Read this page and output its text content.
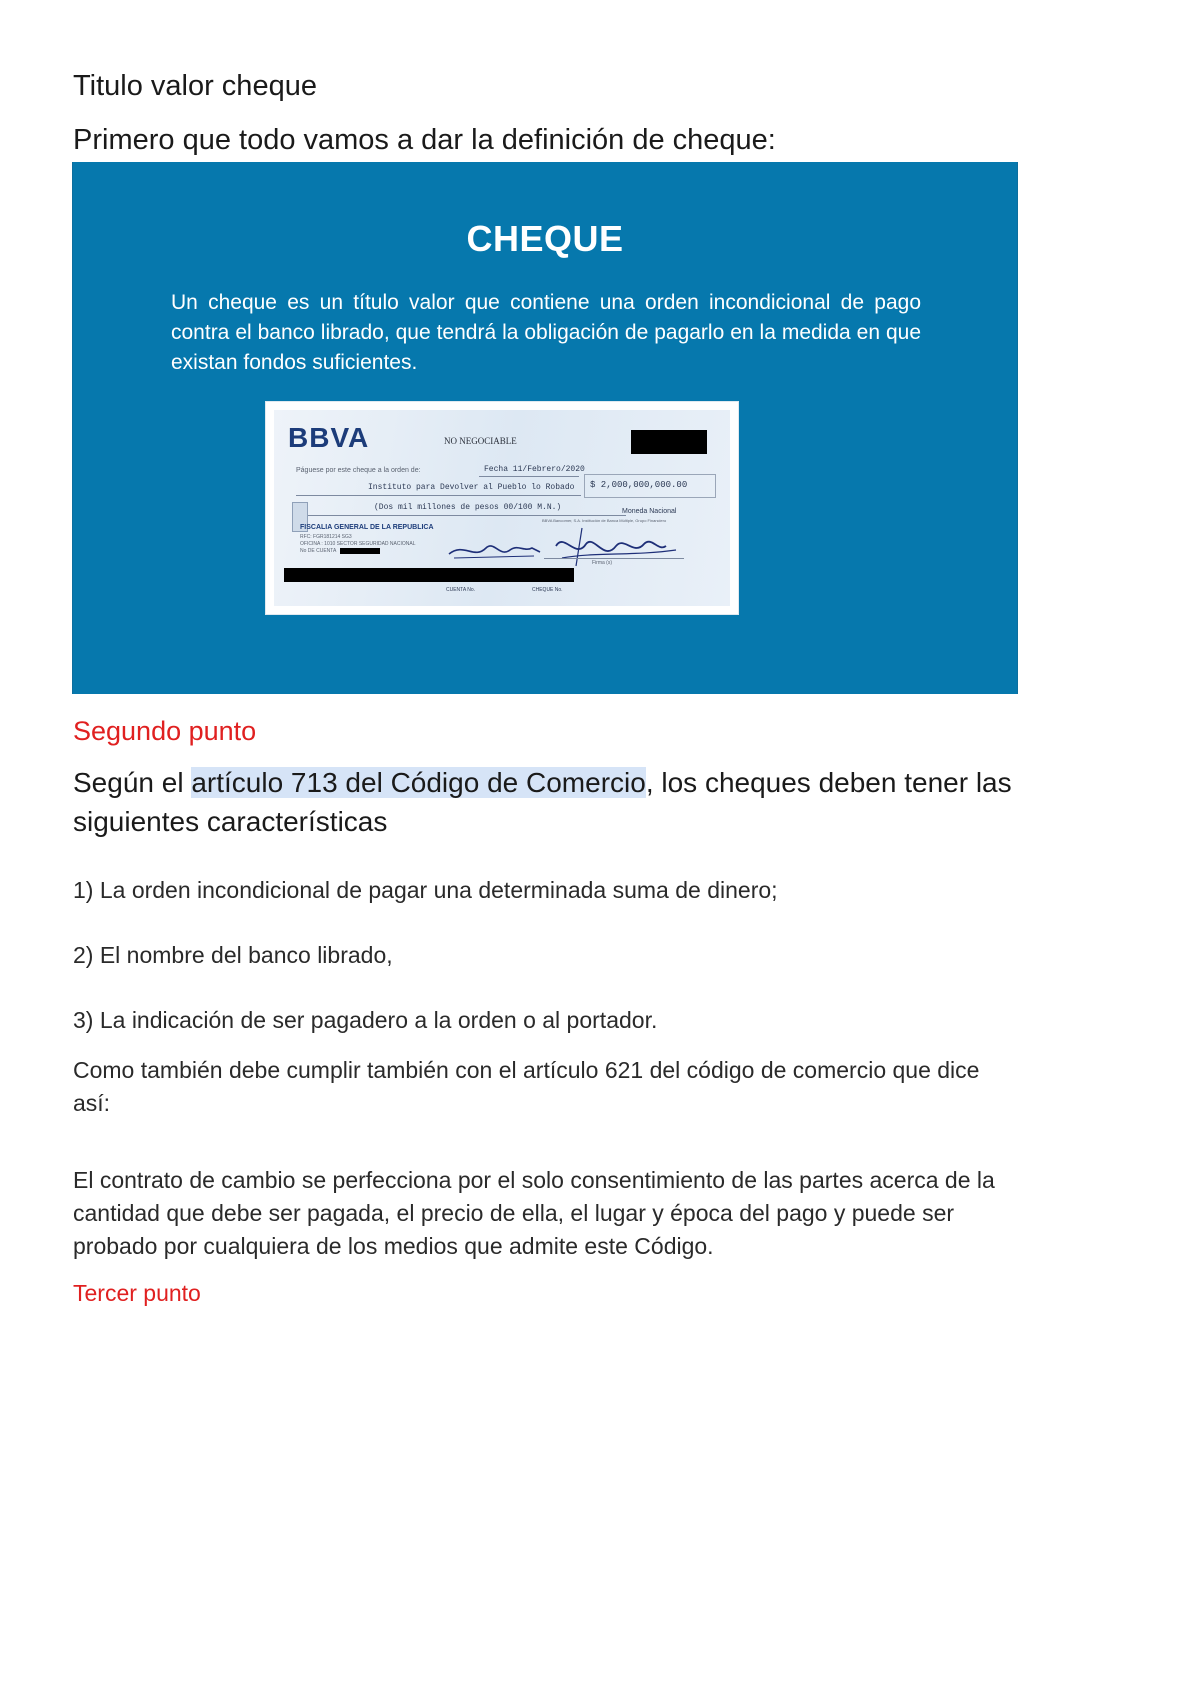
Titulo valor cheque
Primero que todo vamos a dar la definición de cheque:
CHEQUE
Un cheque es un título valor que contiene una orden incondicional de pago contra el banco librado, que tendrá la obligación de pagarlo en la medida en que existan fondos suficientes.
BBVA	NO NEGOCIABLE
Páguese por este cheque a la orden de:	Fecha 11/Febrero/2020
Instituto para Devolver al Pueblo lo Robado $ 2,000,000,000.00
(Dos mil millones de pesos 00/100 M.N.)	Moneda Nacional
FISCALIA GENERAL DE LA REPUBLICA
RFC: FGR181214 SG3
OFICINA : 1010 SECTOR SEGURIDAD NACIONAL
No DE CUENTA
BBVA Bancomer, S.A. Institución de Banca Múltiple, Grupo Financiero
Firma (s)
CUENTA No.	CHEQUE No.
Segundo punto
Según el artículo 713 del Código de Comercio, los cheques deben tener las
siguientes características
1) La orden incondicional de pagar una determinada suma de dinero;
2) El nombre del banco librado,
3) La indicación de ser pagadero a la orden o al portador.
Como también debe cumplir también con el artículo 621 del código de comercio que dice
así:
El contrato de cambio se perfecciona por el solo consentimiento de las partes acerca de la
cantidad que debe ser pagada, el precio de ella, el lugar y época del pago y puede ser
probado por cualquiera de los medios que admite este Código.
Tercer punto
